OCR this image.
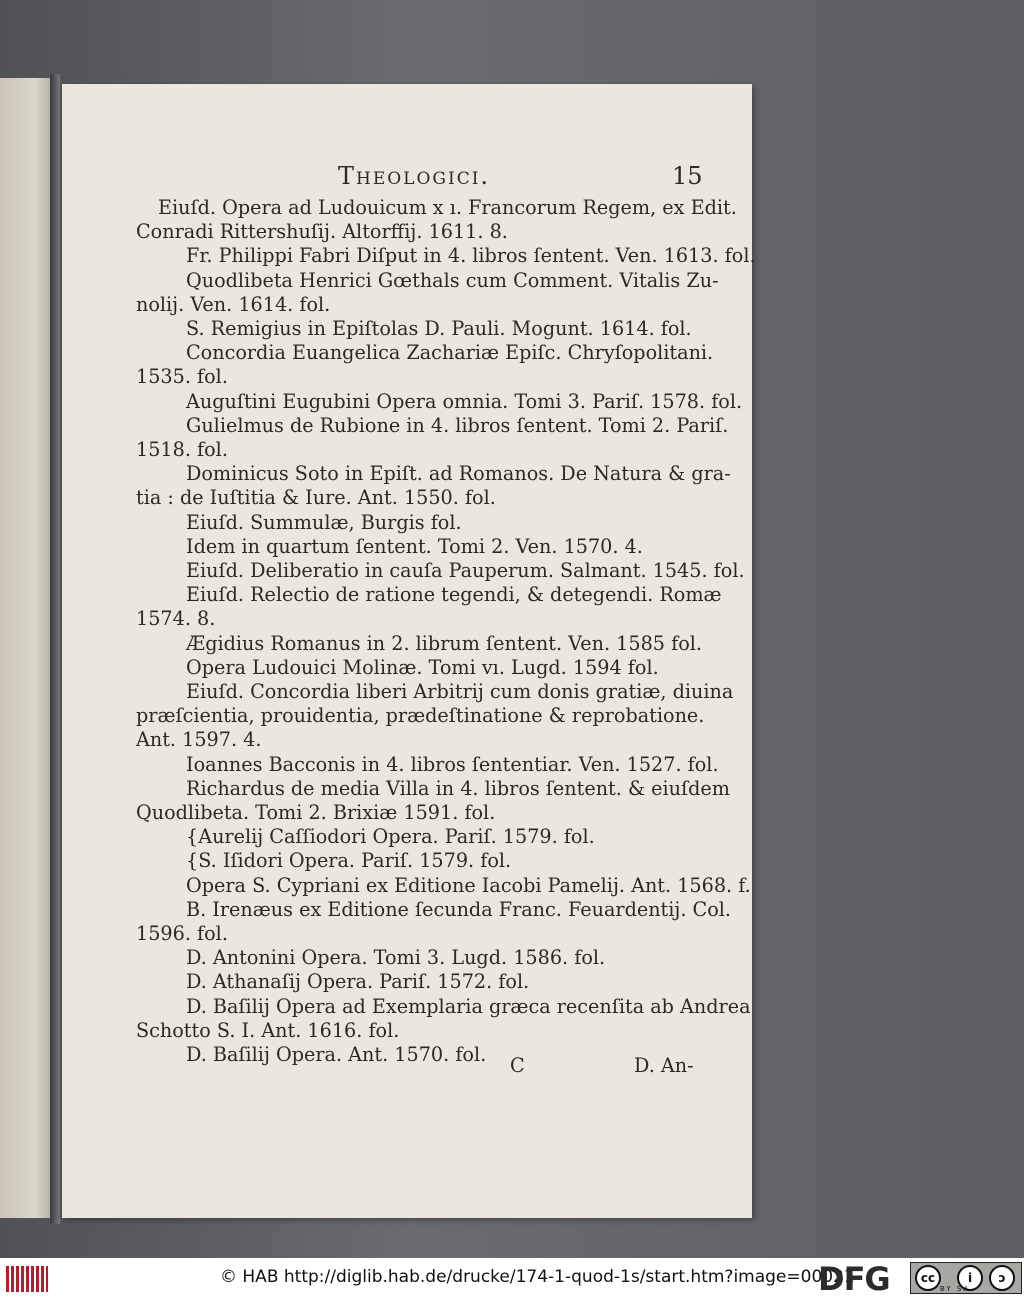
Theologici.	15
Eiuſd. Opera ad Ludouicum x ı. Francorum Regem, ex Edit.
Conradi Rittershuſij. Altorffij. 1611. 8.
Fr. Philippi Fabri Diſput in 4. libros ſentent. Ven. 1613. fol.
Quodlibeta Henrici Gœthals cum Comment. Vitalis Zu-
nolij. Ven. 1614. fol.
S. Remigius in Epiſtolas D. Pauli. Mogunt. 1614. fol.
Concordia Euangelica Zachariæ Epiſc. Chryſopolitani.
1535. fol.
Auguſtini Eugubini Opera omnia. Tomi 3. Pariſ. 1578. fol.
Gulielmus de Rubione in 4. libros ſentent. Tomi 2. Pariſ.
1518. fol.
Dominicus Soto in Epiſt. ad Romanos. De Natura & gra-
tia : de Iuſtitia & Iure. Ant. 1550. fol.
Eiuſd. Summulæ, Burgis fol.
Idem in quartum ſentent. Tomi 2. Ven. 1570. 4.
Eiuſd. Deliberatio in cauſa Pauperum. Salmant. 1545. fol.
Eiuſd. Relectio de ratione tegendi, & detegendi. Romæ
1574. 8.
Ægidius Romanus in 2. librum ſentent. Ven. 1585 fol.
Opera Ludouici Molinæ. Tomi vı. Lugd. 1594 fol.
Eiuſd. Concordia liberi Arbitrij cum donis gratiæ, diuina
præſcientia, prouidentia, prædeſtinatione & reprobatione.
Ant. 1597. 4.
Ioannes Bacconis in 4. libros ſententiar. Ven. 1527. fol.
Richardus de media Villa in 4. libros ſentent. & eiuſdem
Quodlibeta. Tomi 2. Brixiæ 1591. fol.
{Aurelij Caſſiodori Opera. Pariſ. 1579. fol.
{S. Iſidori Opera. Pariſ. 1579. fol.
Opera S. Cypriani ex Editione Iacobi Pamelij. Ant. 1568. f.
B. Irenæus ex Editione ſecunda Franc. Feuardentij. Col.
1596. fol.
D. Antonini Opera. Tomi 3. Lugd. 1586. fol.
D. Athanaſij Opera. Pariſ. 1572. fol.
D. Baſilij Opera ad Exemplaria græca recenſita ab Andrea
Schotto S. I. Ant. 1616. fol.
D. Baſilij Opera. Ant. 1570. fol. C	D. An-
© HAB http://diglib.hab.de/drucke/174-1-quod-1s/start.htm?image=00021
DFG	cc	i	ↄ
BY SA
